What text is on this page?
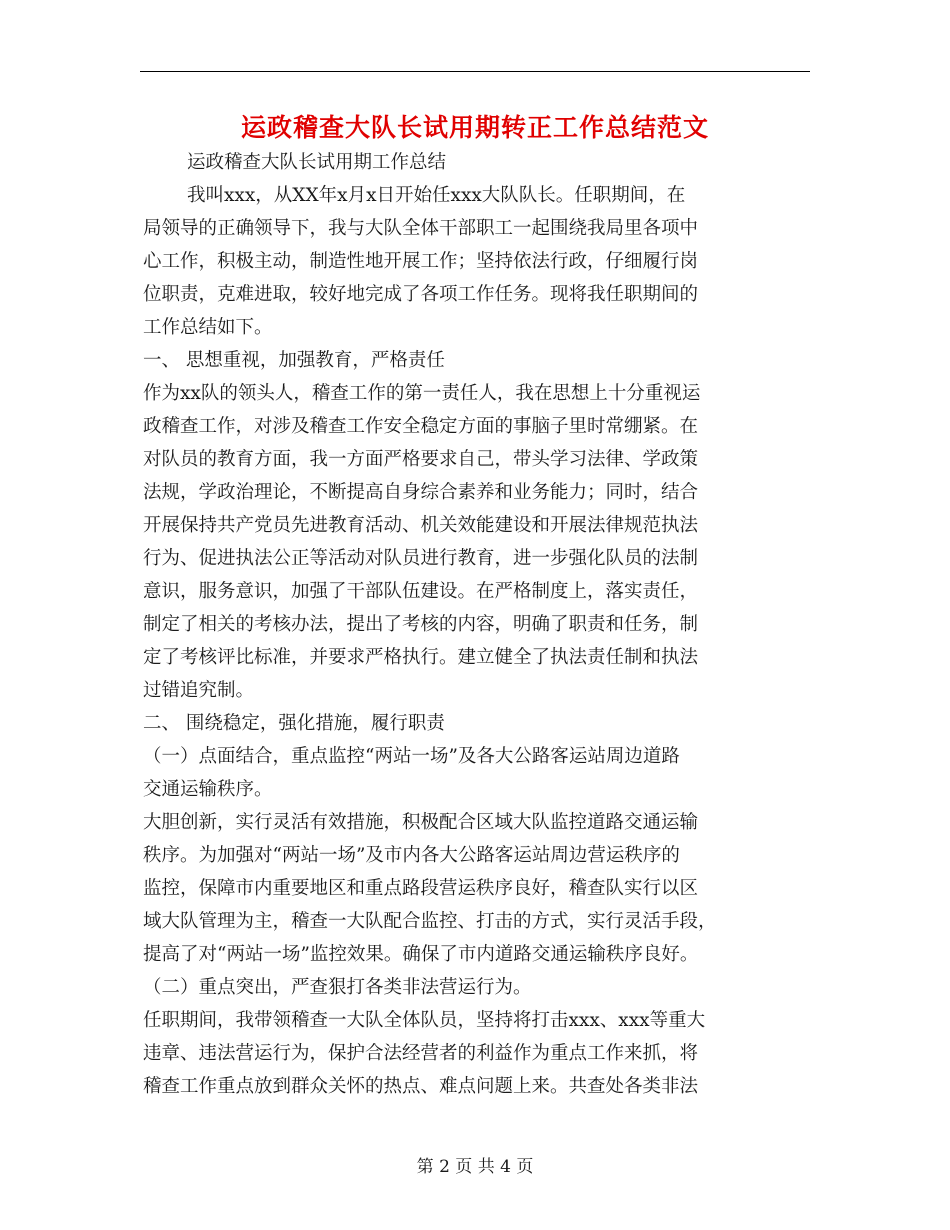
运政稽查大队长试用期转正工作总结范文
运政稽查大队长试用期工作总结
我叫xxx，从XX年x月x日开始任xxx大队队长。任职期间，在
局领导的正确领导下，我与大队全体干部职工一起围绕我局里各项中
心工作，积极主动，制造性地开展工作；坚持依法行政，仔细履行岗
位职责，克难进取，较好地完成了各项工作任务。现将我任职期间的
工作总结如下。
一、 思想重视，加强教育，严格责任
作为xx队的领头人，稽查工作的第一责任人，我在思想上十分重视运
政稽查工作，对涉及稽查工作安全稳定方面的事脑子里时常绷紧。在
对队员的教育方面，我一方面严格要求自己，带头学习法律、学政策
法规，学政治理论，不断提高自身综合素养和业务能力；同时，结合
开展保持共产党员先进教育活动、机关效能建设和开展法律规范执法
行为、促进执法公正等活动对队员进行教育，进一步强化队员的法制
意识，服务意识，加强了干部队伍建设。在严格制度上，落实责任，
制定了相关的考核办法，提出了考核的内容，明确了职责和任务，制
定了考核评比标准，并要求严格执行。建立健全了执法责任制和执法
过错追究制。
二、 围绕稳定，强化措施，履行职责
（一）点面结合，重点监控“两站一场”及各大公路客运站周边道路
交通运输秩序。
大胆创新，实行灵活有效措施，积极配合区域大队监控道路交通运输
秩序。为加强对“两站一场”及市内各大公路客运站周边营运秩序的
监控，保障市内重要地区和重点路段营运秩序良好，稽查队实行以区
域大队管理为主，稽查一大队配合监控、打击的方式，实行灵活手段，
提高了对“两站一场”监控效果。确保了市内道路交通运输秩序良好。
（二）重点突出，严查狠打各类非法营运行为。
任职期间，我带领稽查一大队全体队员，坚持将打击xxx、xxx等重大
违章、违法营运行为，保护合法经营者的利益作为重点工作来抓，将
稽查工作重点放到群众关怀的热点、难点问题上来。共查处各类非法
第 2 页 共 4 页
